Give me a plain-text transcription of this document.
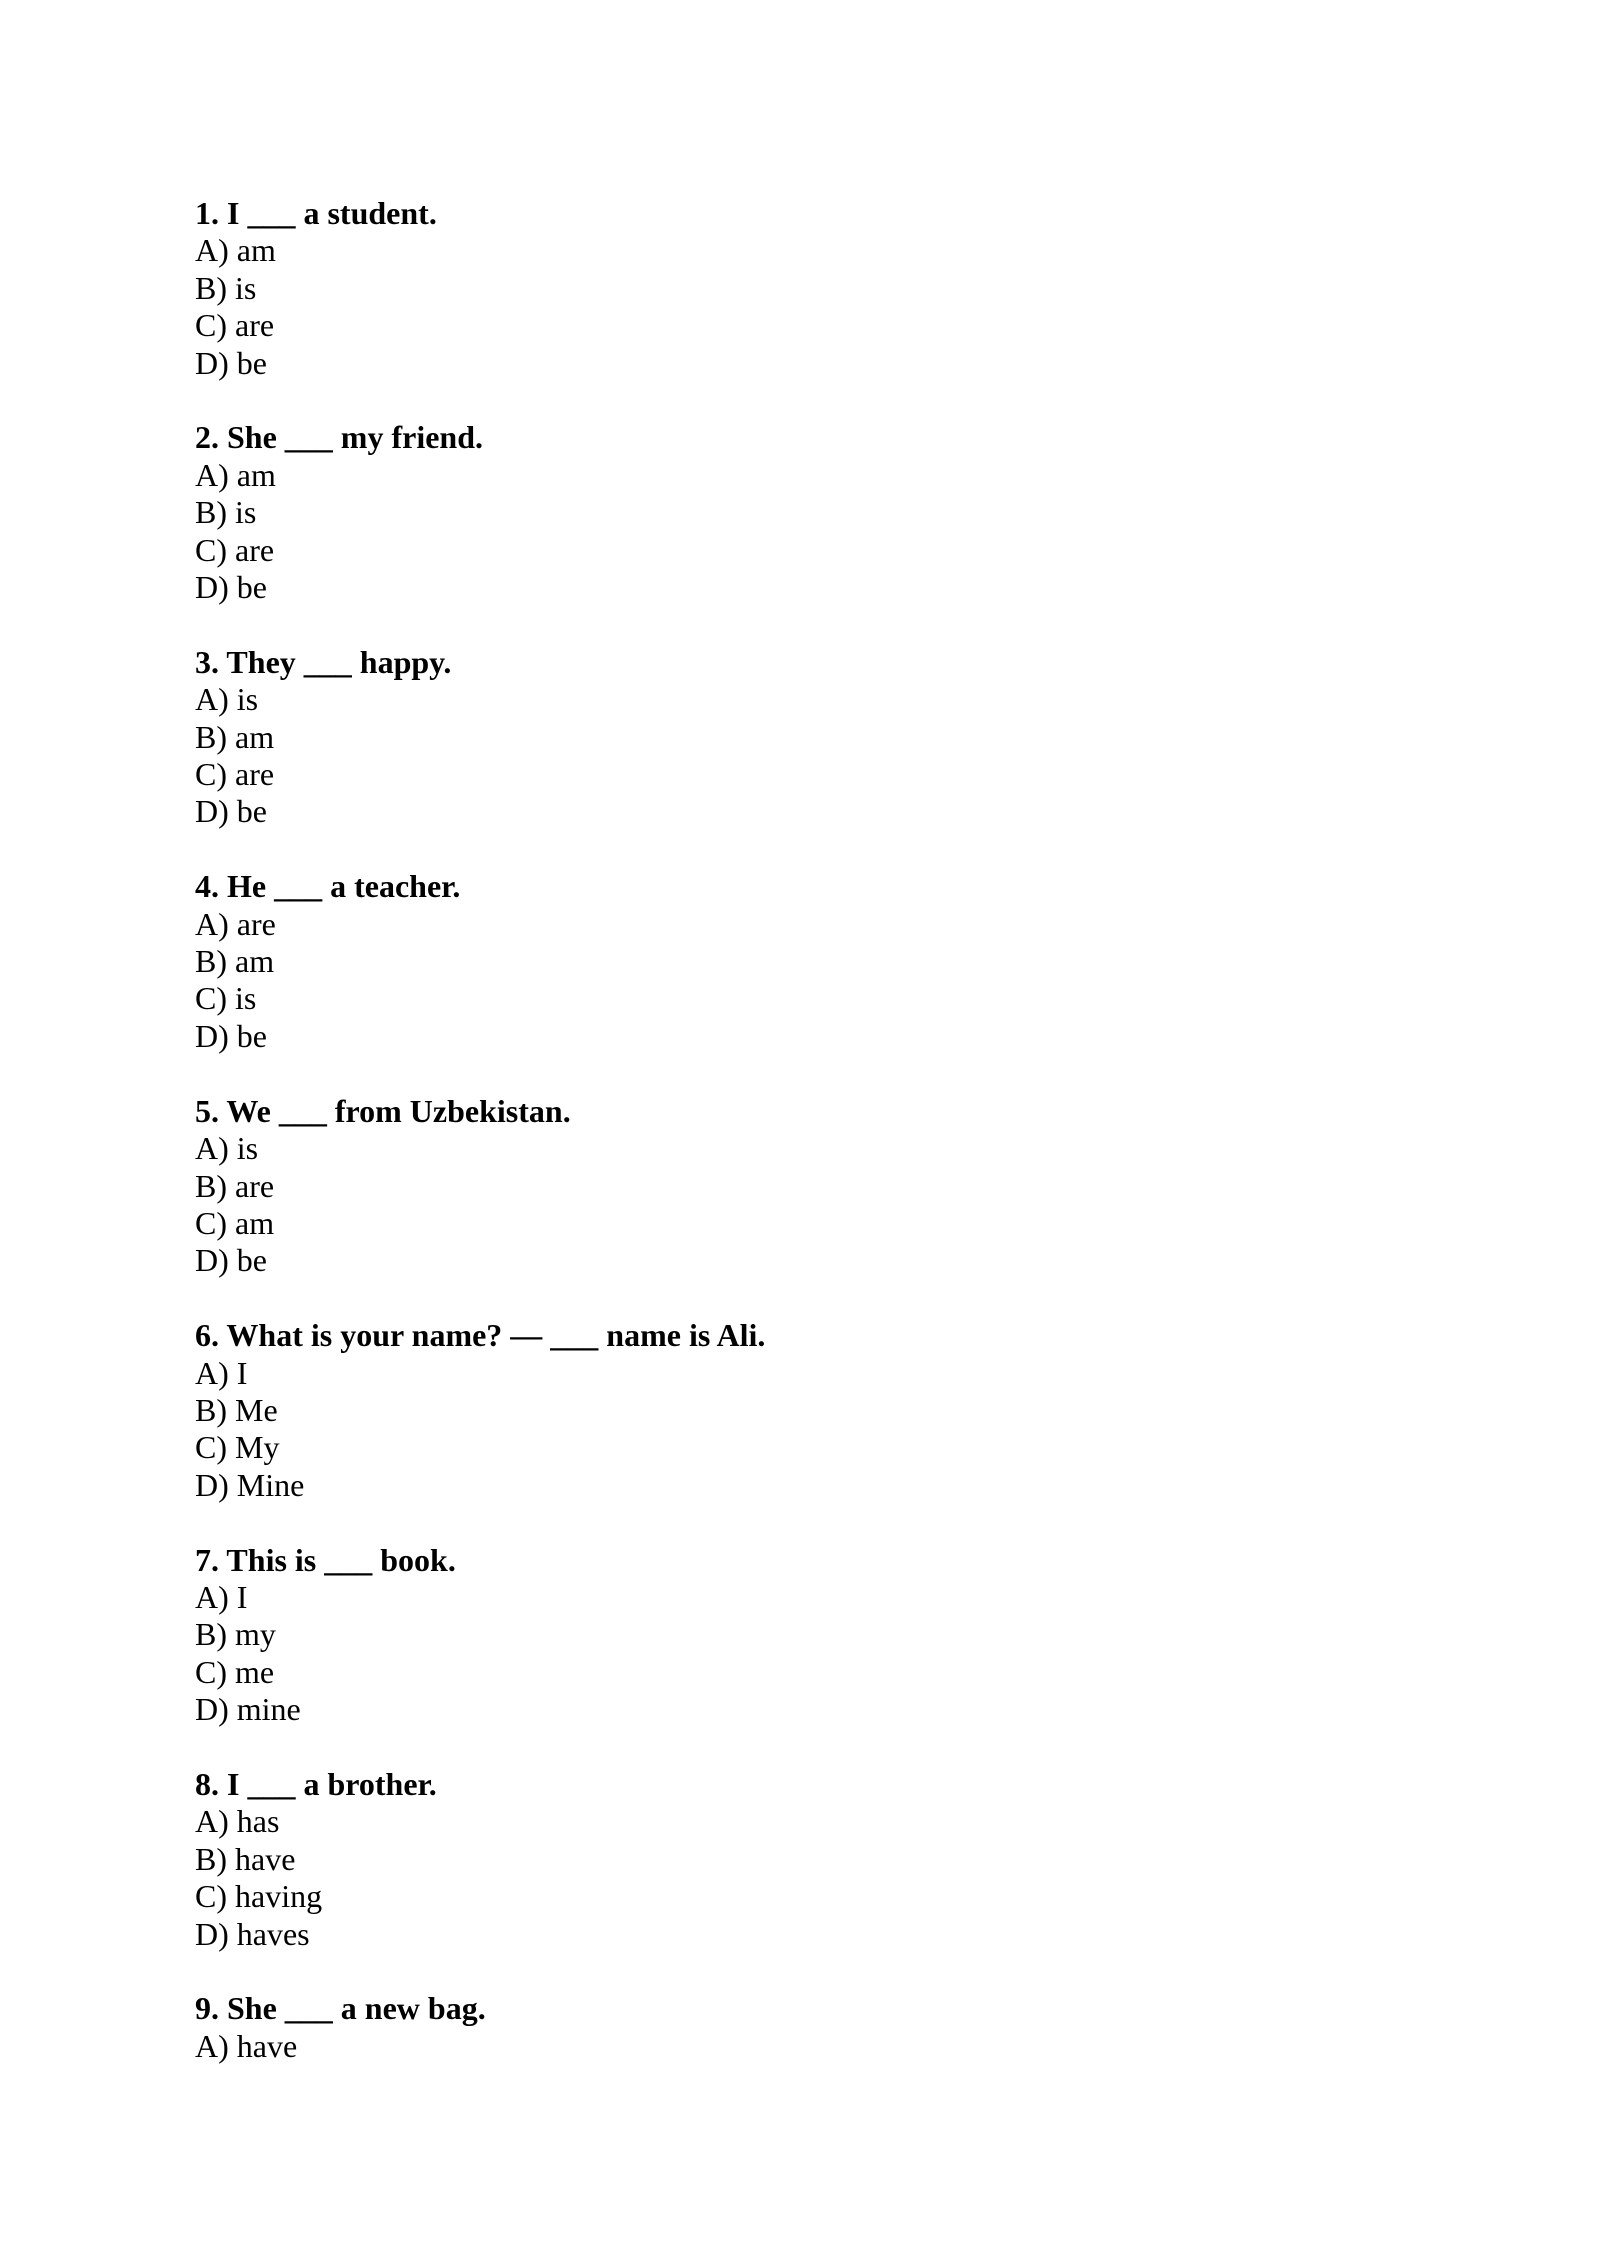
1. I ___ a student.
A) am
B) is
C) are
D) be
2. She ___ my friend.
A) am
B) is
C) are
D) be
3. They ___ happy.
A) is
B) am
C) are
D) be
4. He ___ a teacher.
A) are
B) am
C) is
D) be
5. We ___ from Uzbekistan.
A) is
B) are
C) am
D) be
6. What is your name? — ___ name is Ali.
A) I
B) Me
C) My
D) Mine
7. This is ___ book.
A) I
B) my
C) me
D) mine
8. I ___ a brother.
A) has
B) have
C) having
D) haves
9. She ___ a new bag.
A) have
